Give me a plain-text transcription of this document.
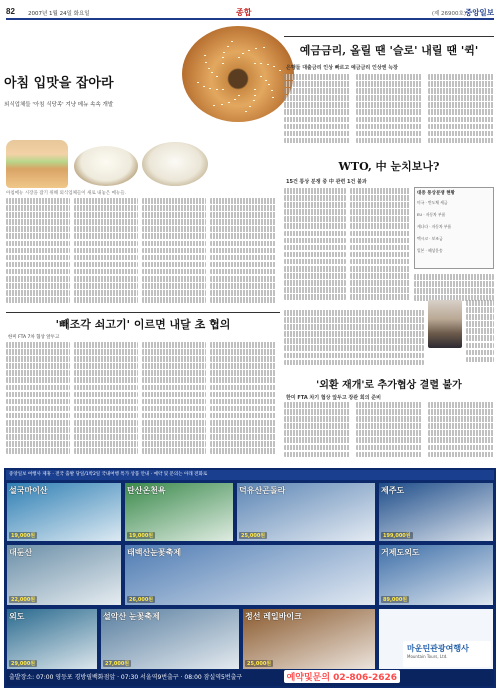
82 2007년 1월 24일 화요일	종합	(제 26900호) 중앙일보
아침 입맛을 잡아라
외식업체들 '아침 식당족' 겨냥 메뉴 속속 개발
아침메뉴 시장을 잡기 위해 외식업체들이 새로 내놓은 메뉴들.
예금금리, 올릴 땐 '슬로' 내릴 땐 '퀵'
은행들 대출금리 인상 빠르고 예금금리 인상엔 늑장
WTO, 中 눈치보나?
15건 통상 분쟁 중 中 관련 1건 불과
대중 통상분쟁 현황
미국 · 반도체 세금
EU · 자동차 부품
캐나다 · 자동차 부품
멕시코 · 보조금
일본 · 해상운송
'빼조각 쇠고기' 이르면 내달 초 협의
한미 FTA 7차 협상 앞두고
'외환 재개'로 추가협상 결렬 불가
한미 FTA 차기 협상 앞두고 장관 회의 준비
중앙일보 여행사 제휴 · 전국 출발 당일/1박2일 국내여행 특가 상품 안내 · 예약 및 문의는 아래 전화로
설국마이산
19,000원
탄산온천욕
19,000원
덕유산곤돌라
25,000원
제주도
199,000원
대둔산
22,000원
태백산눈꽃축제
26,000원
거제도외도
89,000원
외도
29,000원
설악산 눈꽃축제
27,000원
정선 레일바이크
25,000원
마운틴관광여행사
Mountain Tours, Ltd.
출발장소: 07:00 영등포 경방필백화점앞 · 07:30 서울역9번출구 · 08:00 잠실역5번출구	예약및문의 02-806-2626
